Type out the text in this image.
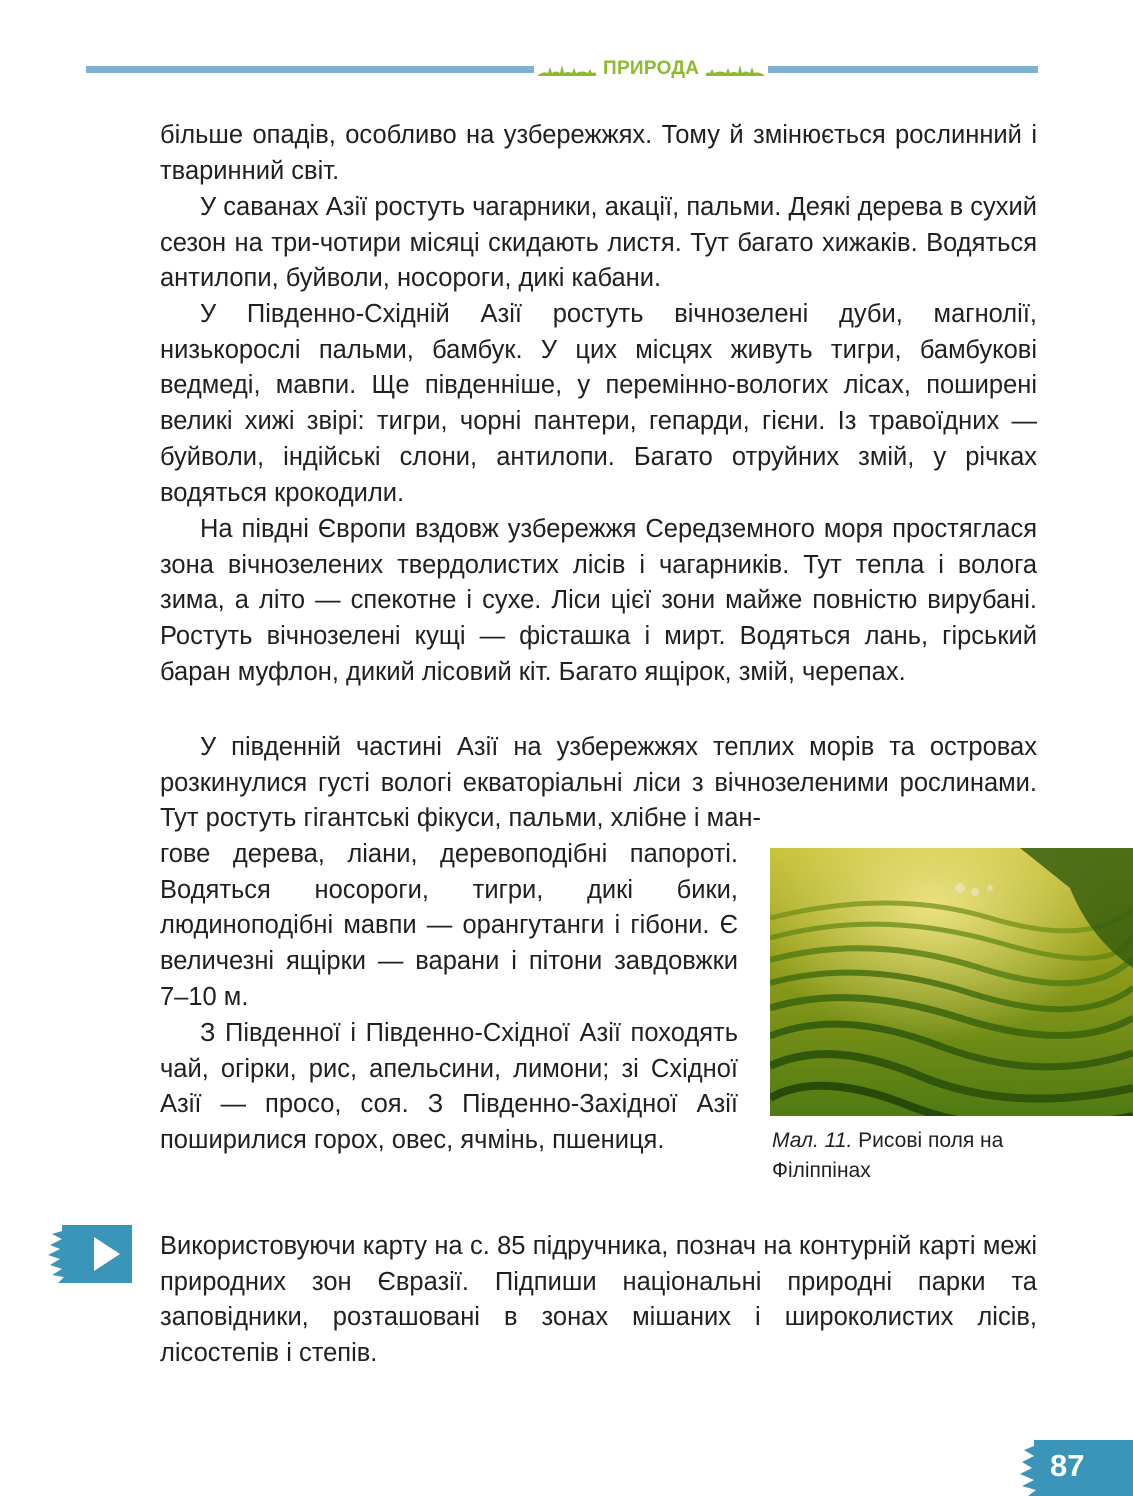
ПРИРОДА

більше опадів, особливо на узбережжях. Тому й змінюється рослинний і тваринний світ.

У саванах Азії ростуть чагарники, акації, пальми. Деякі дерева в сухий сезон на три-чотири місяці скидають листя. Тут багато хижаків. Водяться антилопи, буйволи, носороги, дикі кабани.

У Південно-Східній Азії ростуть вічнозелені дуби, магнолії, низькорослі пальми, бамбук. У цих місцях живуть тигри, бамбукові ведмеді, мавпи. Ще південніше, у перемінно-вологих лісах, поширені великі хижі звірі: тигри, чорні пантери, гепарди, гієни. Із травоїдних — буйволи, індійські слони, антилопи. Багато отруйних змій, у річках водяться крокодили.

На півдні Європи вздовж узбережжя Середземного моря простяглася зона вічнозелених твердолистих лісів і чагарників. Тут тепла і волога зима, а літо — спекотне і сухе. Ліси цієї зони майже повністю вирубані. Ростуть вічнозелені кущі — фісташка і мирт. Водяться лань, гірський баран муфлон, дикий лісовий кіт. Багато ящірок, змій, черепах.

У південній частині Азії на узбережжях теплих морів та островах розкинулися густі вологі екваторіальні ліси з вічнозеленими рослинами. Тут ростуть гігантські фікуси, пальми, хлібне і ман-

гове дерева, ліани, деревоподібні папороті. Водяться носороги, тигри, дикі бики, людиноподібні мавпи — орангутанги і гібони. Є величезні ящірки — варани і пітони завдовжки 7–10 м.

З Південної і Південно-Східної Азії походять чай, огірки, рис, апельсини, лимони; зі Східної Азії — просо, соя. З Південно-Західної Азії поширилися горох, овес, ячмінь, пшениця.	Мал. 11. Рисові поля на Філіппінах

Використовуючи карту на с. 85 підручника, познач на контурній карті межі природних зон Євразії. Підпиши національні природні парки та заповідники, розташовані в зонах мішаних і широколистих лісів, лісостепів і степів.

87
